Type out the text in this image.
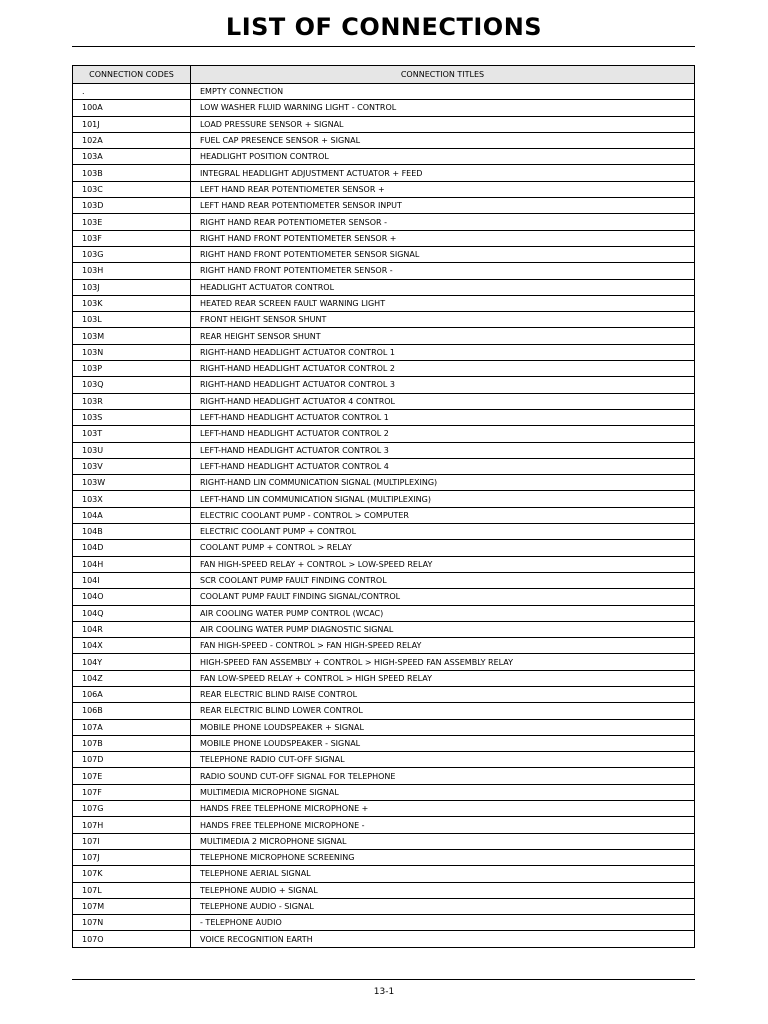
LIST OF CONNECTIONS
CONNECTION CODES	CONNECTION TITLES
.	EMPTY CONNECTION
100A	LOW WASHER FLUID WARNING LIGHT - CONTROL
101J	LOAD PRESSURE SENSOR + SIGNAL
102A	FUEL CAP PRESENCE SENSOR + SIGNAL
103A	HEADLIGHT POSITION CONTROL
103B	INTEGRAL HEADLIGHT ADJUSTMENT ACTUATOR + FEED
103C	LEFT HAND REAR POTENTIOMETER SENSOR +
103D	LEFT HAND REAR POTENTIOMETER SENSOR INPUT
103E	RIGHT HAND REAR POTENTIOMETER SENSOR -
103F	RIGHT HAND FRONT POTENTIOMETER SENSOR +
103G	RIGHT HAND FRONT POTENTIOMETER SENSOR SIGNAL
103H	RIGHT HAND FRONT POTENTIOMETER SENSOR -
103J	HEADLIGHT ACTUATOR CONTROL
103K	HEATED REAR SCREEN FAULT WARNING LIGHT
103L	FRONT HEIGHT SENSOR SHUNT
103M	REAR HEIGHT SENSOR SHUNT
103N	RIGHT-HAND HEADLIGHT ACTUATOR CONTROL 1
103P	RIGHT-HAND HEADLIGHT ACTUATOR CONTROL 2
103Q	RIGHT-HAND HEADLIGHT ACTUATOR CONTROL 3
103R	RIGHT-HAND HEADLIGHT ACTUATOR 4 CONTROL
103S	LEFT-HAND HEADLIGHT ACTUATOR CONTROL 1
103T	LEFT-HAND HEADLIGHT ACTUATOR CONTROL 2
103U	LEFT-HAND HEADLIGHT ACTUATOR CONTROL 3
103V	LEFT-HAND HEADLIGHT ACTUATOR CONTROL 4
103W	RIGHT-HAND LIN COMMUNICATION SIGNAL (MULTIPLEXING)
103X	LEFT-HAND LIN COMMUNICATION SIGNAL (MULTIPLEXING)
104A	ELECTRIC COOLANT PUMP - CONTROL > COMPUTER
104B	ELECTRIC COOLANT PUMP + CONTROL
104D	COOLANT PUMP + CONTROL > RELAY
104H	FAN HIGH-SPEED RELAY + CONTROL > LOW-SPEED RELAY
104I	SCR COOLANT PUMP FAULT FINDING CONTROL
104O	COOLANT PUMP FAULT FINDING SIGNAL/CONTROL
104Q	AIR COOLING WATER PUMP CONTROL (WCAC)
104R	AIR COOLING WATER PUMP DIAGNOSTIC SIGNAL
104X	FAN HIGH-SPEED - CONTROL > FAN HIGH-SPEED RELAY
104Y	HIGH-SPEED FAN ASSEMBLY + CONTROL > HIGH-SPEED FAN ASSEMBLY RELAY
104Z	FAN LOW-SPEED RELAY + CONTROL > HIGH SPEED RELAY
106A	REAR ELECTRIC BLIND RAISE CONTROL
106B	REAR ELECTRIC BLIND LOWER CONTROL
107A	MOBILE PHONE LOUDSPEAKER + SIGNAL
107B	MOBILE PHONE LOUDSPEAKER - SIGNAL
107D	TELEPHONE RADIO CUT-OFF SIGNAL
107E	RADIO SOUND CUT-OFF SIGNAL FOR TELEPHONE
107F	MULTIMEDIA MICROPHONE SIGNAL
107G	HANDS FREE TELEPHONE MICROPHONE +
107H	HANDS FREE TELEPHONE MICROPHONE -
107I	MULTIMEDIA 2 MICROPHONE SIGNAL
107J	TELEPHONE MICROPHONE SCREENING
107K	TELEPHONE AERIAL SIGNAL
107L	TELEPHONE AUDIO + SIGNAL
107M	TELEPHONE AUDIO - SIGNAL
107N	- TELEPHONE AUDIO
107O	VOICE RECOGNITION EARTH
13-1
